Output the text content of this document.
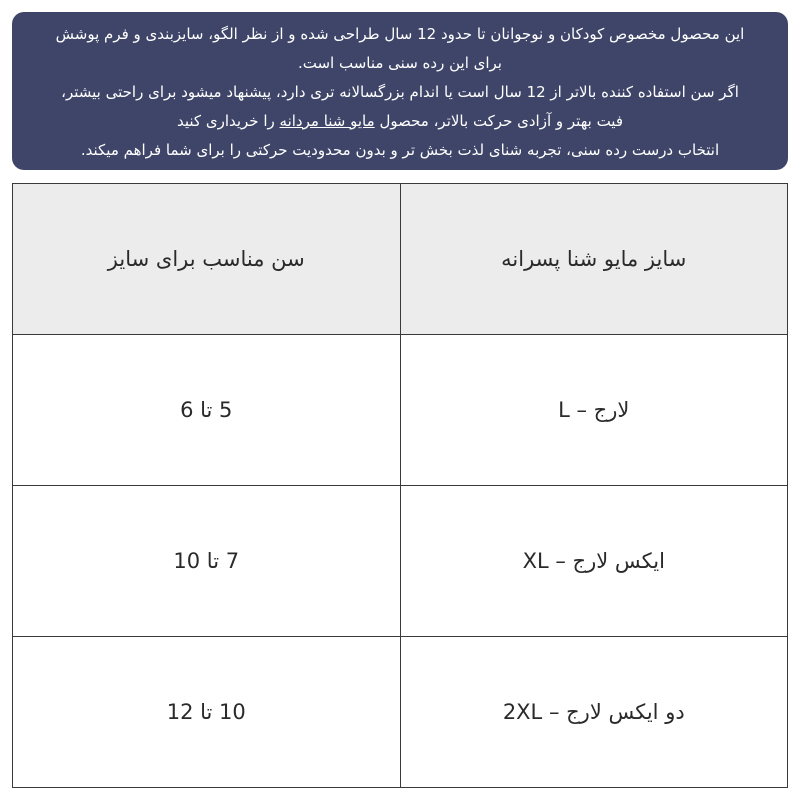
این محصول مخصوص کودکان و نوجوانان تا حدود 12 سال طراحی شده و از نظر الگو، سایزبندی و فرم پوشش

برای این رده سنی مناسب است.

اگر سن استفاده کننده بالاتر از 12 سال است یا اندام بزرگسالانه تری دارد، پیشنهاد میشود برای راحتی بیشتر،

فیت بهتر و آزادی حرکت بالاتر، محصول مایو شنا مردانه را خریداری کنید

انتخاب درست رده سنی، تجربه شنای لذت بخش تر و بدون محدودیت حرکتی را برای شما فراهم میکند.

سایز مایو شنا پسرانه	سن مناسب برای سایز
لارج – L	5 تا 6
ایکس لارج – XL	7 تا 10
دو ایکس لارج – 2XL	10 تا 12
